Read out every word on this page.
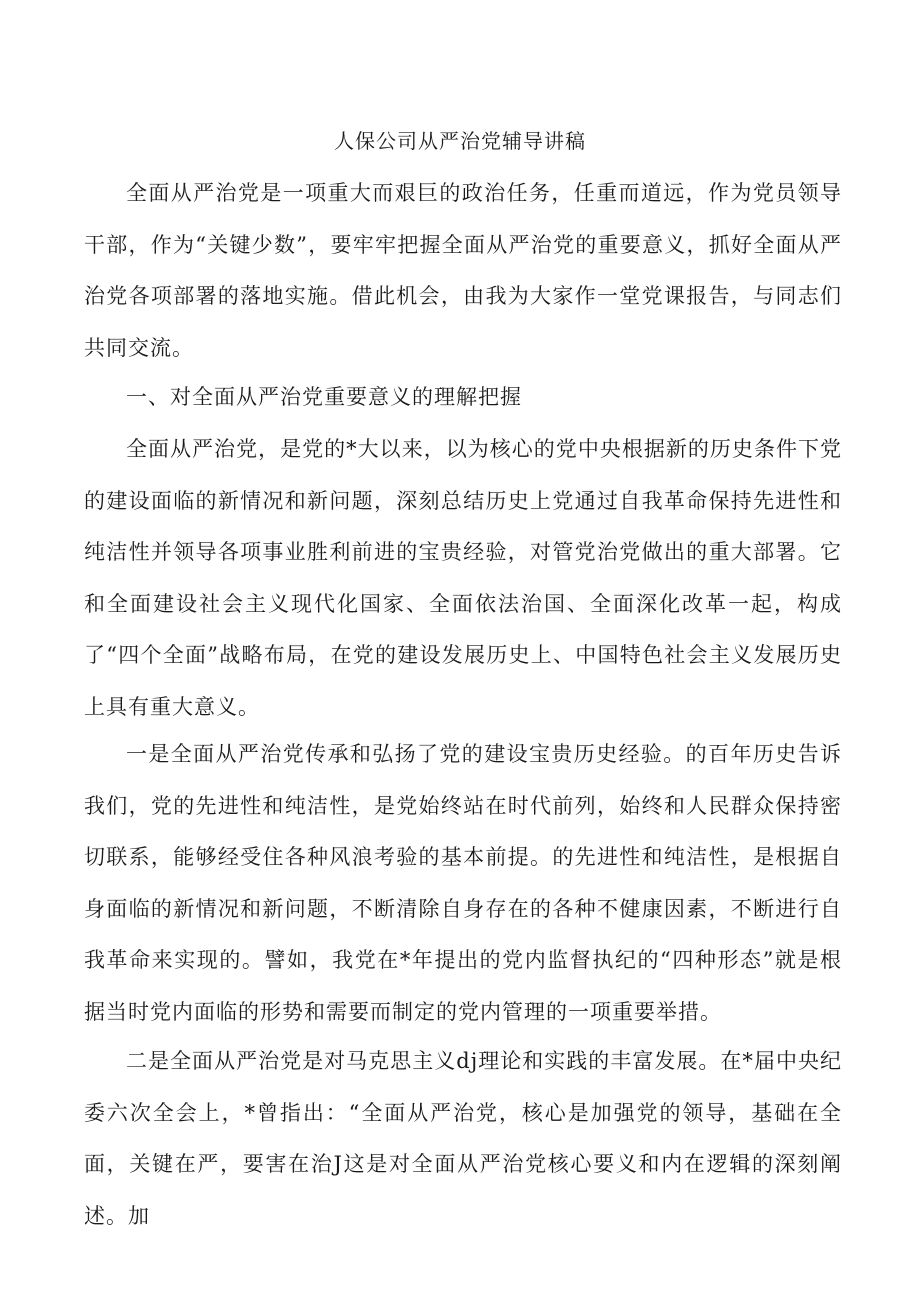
人保公司从严治党辅导讲稿

全面从严治党是一项重大而艰巨的政治任务，任重而道远，作为党员领导干部，作为“关键少数”，要牢牢把握全面从严治党的重要意义，抓好全面从严治党各项部署的落地实施。借此机会，由我为大家作一堂党课报告，与同志们共同交流。

一、对全面从严治党重要意义的理解把握

全面从严治党，是党的*大以来，以为核心的党中央根据新的历史条件下党的建设面临的新情况和新问题，深刻总结历史上党通过自我革命保持先进性和纯洁性并领导各项事业胜利前进的宝贵经验，对管党治党做出的重大部署。它和全面建设社会主义现代化国家、全面依法治国、全面深化改革一起，构成了“四个全面”战略布局，在党的建设发展历史上、中国特色社会主义发展历史上具有重大意义。

一是全面从严治党传承和弘扬了党的建设宝贵历史经验。的百年历史告诉我们，党的先进性和纯洁性，是党始终站在时代前列，始终和人民群众保持密切联系，能够经受住各种风浪考验的基本前提。的先进性和纯洁性，是根据自身面临的新情况和新问题，不断清除自身存在的各种不健康因素，不断进行自我革命来实现的。譬如，我党在*年提出的党内监督执纪的“四种形态”就是根据当时党内面临的形势和需要而制定的党内管理的一项重要举措。

二是全面从严治党是对马克思主义dj理论和实践的丰富发展。在*届中央纪委六次全会上，*曾指出：“全面从严治党，核心是加强党的领导，基础在全面，关键在严，要害在治J这是对全面从严治党核心要义和内在逻辑的深刻阐述。加
